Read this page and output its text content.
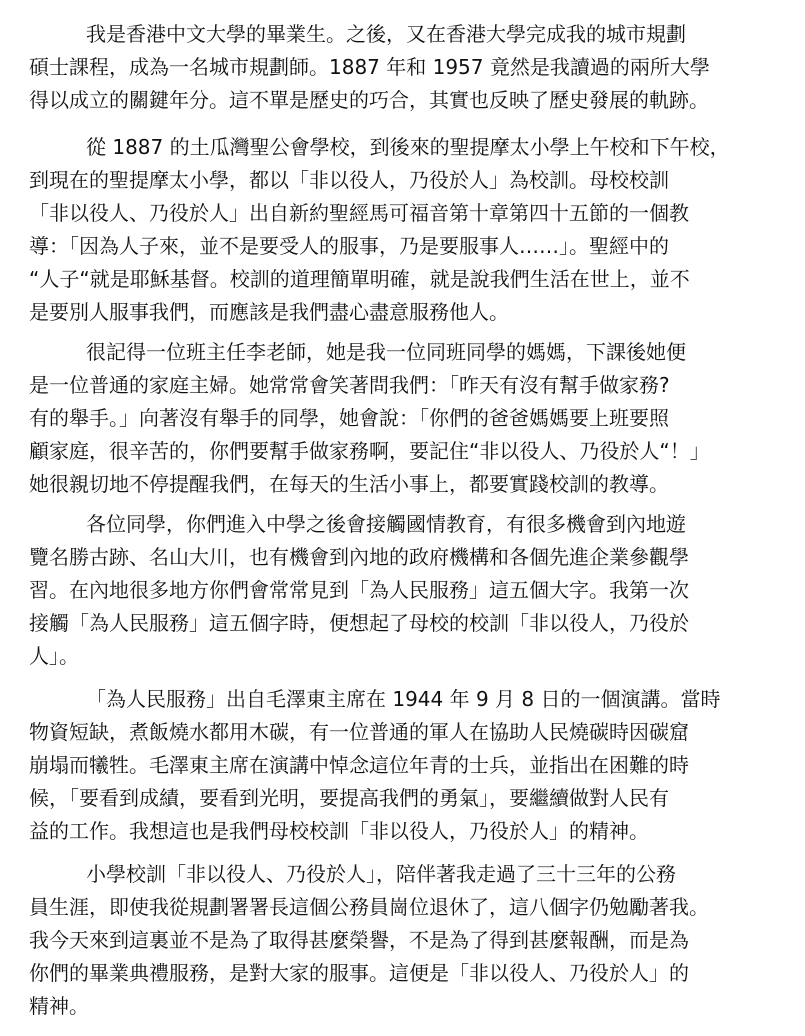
我是香港中文大學的畢業生。之後，又在香港大學完成我的城市規劃
碩士課程，成為一名城市規劃師。1887 年和 1957 竟然是我讀過的兩所大學
得以成立的關鍵年分。這不單是歷史的巧合，其實也反映了歷史發展的軌跡。

從 1887 的土瓜灣聖公會學校，到後來的聖提摩太小學上午校和下午校，
到現在的聖提摩太小學，都以「非以役人，乃役於人」為校訓。母校校訓
「非以役人、乃役於人」出自新約聖經馬可福音第十章第四十五節的一個教
導：「因為人子來，並不是要受人的服事，乃是要服事人……」。聖經中的
“人子“就是耶穌基督。校訓的道理簡單明確，就是說我們生活在世上，並不
是要別人服事我們，而應該是我們盡心盡意服務他人。

很記得一位班主任李老師，她是我一位同班同學的媽媽，下課後她便
是一位普通的家庭主婦。她常常會笑著問我們：「昨天有沒有幫手做家務?
有的舉手。」向著沒有舉手的同學，她會說：「你們的爸爸媽媽要上班要照
顧家庭，很辛苦的，你們要幫手做家務啊，要記住“非以役人、乃役於人“！」
她很親切地不停提醒我們，在每天的生活小事上，都要實踐校訓的教導。

各位同學，你們進入中學之後會接觸國情教育，有很多機會到內地遊
覽名勝古跡、名山大川，也有機會到內地的政府機構和各個先進企業參觀學
習。在內地很多地方你們會常常見到「為人民服務」這五個大字。我第一次
接觸「為人民服務」這五個字時，便想起了母校的校訓「非以役人，乃役於
人」。

「為人民服務」出自毛澤東主席在 1944 年 9 月 8 日的一個演講。當時
物資短缺，煮飯燒水都用木碳，有一位普通的軍人在協助人民燒碳時因碳窟
崩塌而犧牲。毛澤東主席在演講中悼念這位年青的士兵，並指出在困難的時
候，「要看到成績，要看到光明，要提高我們的勇氣」，要繼續做對人民有
益的工作。我想這也是我們母校校訓「非以役人，乃役於人」的精神。

小學校訓「非以役人、乃役於人」，陪伴著我走過了三十三年的公務
員生涯，即使我從規劃署署長這個公務員崗位退休了，這八個字仍勉勵著我。
我今天來到這裏並不是為了取得甚麼榮譽，不是為了得到甚麼報酬，而是為
你們的畢業典禮服務，是對大家的服事。這便是「非以役人、乃役於人」的
精神。
